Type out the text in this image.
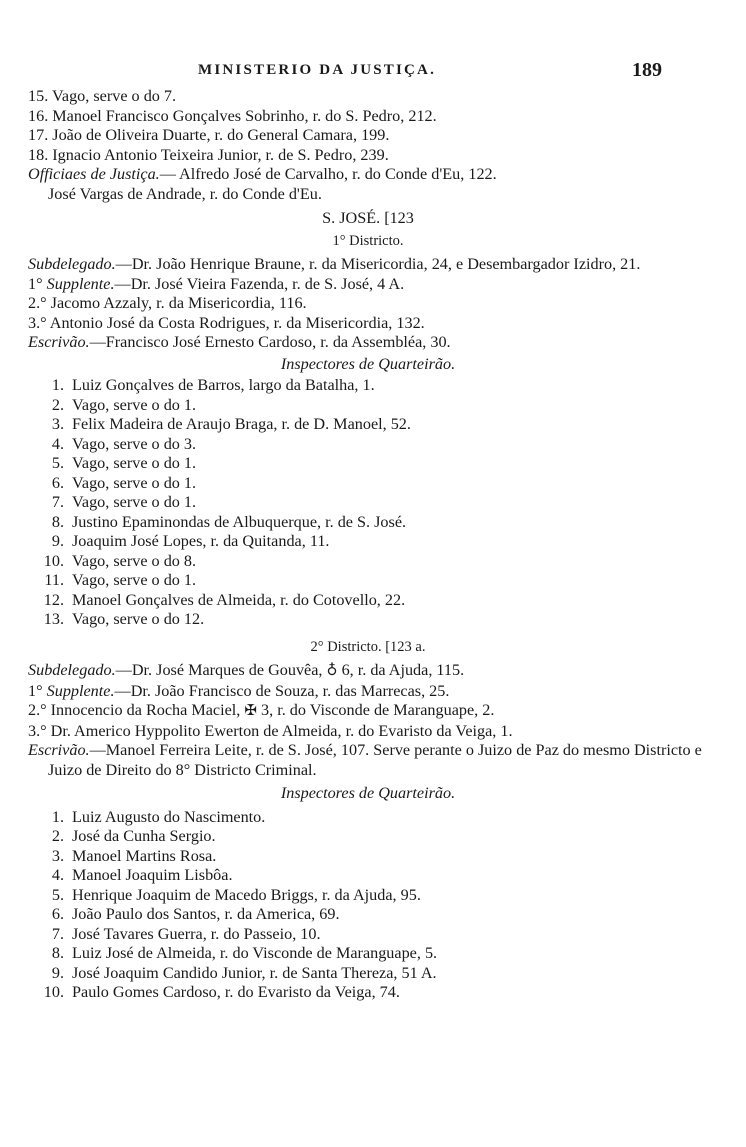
MINISTERIO DA JUSTIÇA.	189
15. Vago, serve o do 7.
16. Manoel Francisco Gonçalves Sobrinho, r. do S. Pedro, 212.
17. João de Oliveira Duarte, r. do General Camara, 199.
18. Ignacio Antonio Teixeira Junior, r. de S. Pedro, 239.
Officiaes de Justiça.— Alfredo José de Carvalho, r. do Conde d'Eu, 122.
José Vargas de Andrade, r. do Conde d'Eu.
S. JOSÉ. [123
1° Districto.
Subdelegado.—Dr. João Henrique Braune, r. da Misericordia, 24, e Desembargador Izidro, 21.
1° Supplente.—Dr. José Vieira Fazenda, r. de S. José, 4 A.
2.° Jacomo Azzaly, r. da Misericordia, 116.
3.° Antonio José da Costa Rodrigues, r. da Misericordia, 132.
Escrivão.—Francisco José Ernesto Cardoso, r. da Assembléa, 30.
Inspectores de Quarteirão.
1. Luiz Gonçalves de Barros, largo da Batalha, 1.
2. Vago, serve o do 1.
3. Felix Madeira de Araujo Braga, r. de D. Manoel, 52.
4. Vago, serve o do 3.
5. Vago, serve o do 1.
6. Vago, serve o do 1.
7. Vago, serve o do 1.
8. Justino Epaminondas de Albuquerque, r. de S. José.
9. Joaquim José Lopes, r. da Quitanda, 11.
10. Vago, serve o do 8.
11. Vago, serve o do 1.
12. Manoel Gonçalves de Almeida, r. do Cotovello, 22.
13. Vago, serve o do 12.
2° Districto. [123 a.
Subdelegado.—Dr. José Marques de Gouvêa, ♁ 6, r. da Ajuda, 115.
1° Supplente.—Dr. João Francisco de Souza, r. das Marrecas, 25.
2.° Innocencio da Rocha Maciel, ✠ 3, r. do Visconde de Maranguape, 2.
3.° Dr. Americo Hyppolito Ewerton de Almeida, r. do Evaristo da Veiga, 1.
Escrivão.—Manoel Ferreira Leite, r. de S. José, 107. Serve perante o Juizo de Paz do mesmo Districto e Juizo de Direito do 8° Districto Criminal.
Inspectores de Quarteirão.
1. Luiz Augusto do Nascimento.
2. José da Cunha Sergio.
3. Manoel Martins Rosa.
4. Manoel Joaquim Lisbôa.
5. Henrique Joaquim de Macedo Briggs, r. da Ajuda, 95.
6. João Paulo dos Santos, r. da America, 69.
7. José Tavares Guerra, r. do Passeio, 10.
8. Luiz José de Almeida, r. do Visconde de Maranguape, 5.
9. José Joaquim Candido Junior, r. de Santa Thereza, 51 A.
10. Paulo Gomes Cardoso, r. do Evaristo da Veiga, 74.
